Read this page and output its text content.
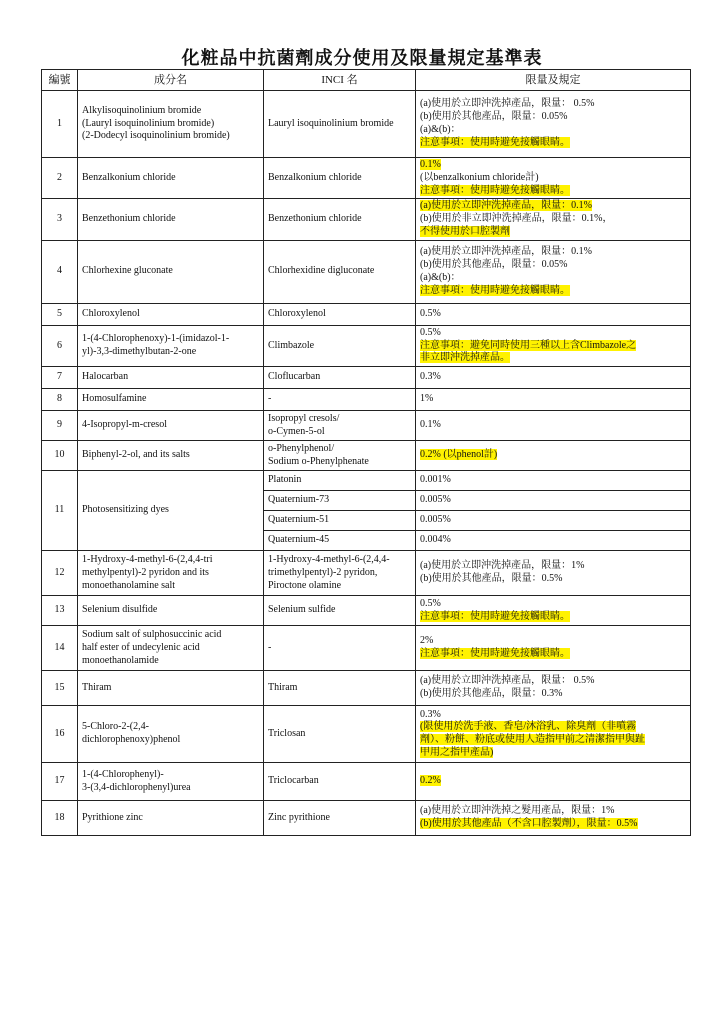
化粧品中抗菌劑成分使用及限量規定基準表
編號	成分名	INCI 名	限量及規定
1	Alkylisoquinolinium bromide
(Lauryl isoquinolinium bromide)
(2-Dodecyl isoquinolinium bromide)	Lauryl isoquinolinium bromide	(a)使用於立即沖洗掉產品，限量： 0.5%
(b)使用於其他產品，限量：0.05%
(a)&(b)：
注意事項：使用時避免接觸眼睛。

2	Benzalkonium chloride	Benzalkonium chloride	0.1%
(以benzalkonium chloride計)
注意事項：使用時避免接觸眼睛。

3	Benzethonium chloride	Benzethonium chloride	(a)使用於立即沖洗掉產品，限量：0.1%
(b)使用於非立即沖洗掉產品，限量：0.1%，
不得使用於口腔製劑

4	Chlorhexine gluconate	Chlorhexidine digluconate	(a)使用於立即沖洗掉產品，限量：0.1%
(b)使用於其他產品，限量：0.05%
(a)&(b)：
注意事項：使用時避免接觸眼睛。

5	Chloroxylenol	Chloroxylenol	0.5%

6	1-(4-Chlorophenoxy)-1-(imidazol-1-
yl)-3,3-dimethylbutan-2-one	Climbazole	0.5%
注意事項：避免同時使用三種以上含Climbazole之
非立即沖洗掉產品。

7	Halocarban	Cloflucarban	0.3%

8	Homosulfamine	-	1%

9	4-Isopropyl-m-cresol	Isopropyl cresols/
o-Cymen-5-ol	0.1%

10	Biphenyl-2-ol, and its salts	o-Phenylphenol/
Sodium o-Phenylphenate	0.2% (以phenol計)

11	Photosensitizing dyes	Platonin	0.001%
		Quaternium-73	0.005%
		Quaternium-51	0.005%
		Quaternium-45	0.004%
12	1-Hydroxy-4-methyl-6-(2,4,4-tri
methylpentyl)-2 pyridon and its
monoethanolamine salt	1-Hydroxy-4-methyl-6-(2,4,4-
trimethylpentyl)-2 pyridon,
Piroctone olamine	(a)使用於立即沖洗掉產品，限量：1%
(b)使用於其他產品，限量：0.5%

13	Selenium disulfide	Selenium sulfide	0.5%
注意事項：使用時避免接觸眼睛。

14	Sodium salt of sulphosuccinic acid
half ester of undecylenic acid
monoethanolamide	-	2%
注意事項：使用時避免接觸眼睛。

15	Thiram	Thiram	(a)使用於立即沖洗掉產品，限量： 0.5%
(b)使用於其他產品，限量：0.3%

16	5-Chloro-2-(2,4-
dichlorophenoxy)phenol	Triclosan	0.3%
(限使用於洗手液、香皂/沐浴乳、除臭劑（非噴霧
劑）、粉餅、粉底或使用人造指甲前之清潔指甲與趾
甲用之指甲產品)

17	1-(4-Chlorophenyl)-
3-(3,4-dichlorophenyl)urea	Triclocarban	0.2%

18	Pyrithione zinc	Zinc pyrithione	(a)使用於立即沖洗掉之髮用產品，限量：1%
(b)使用於其他產品（不含口腔製劑），限量：0.5%
